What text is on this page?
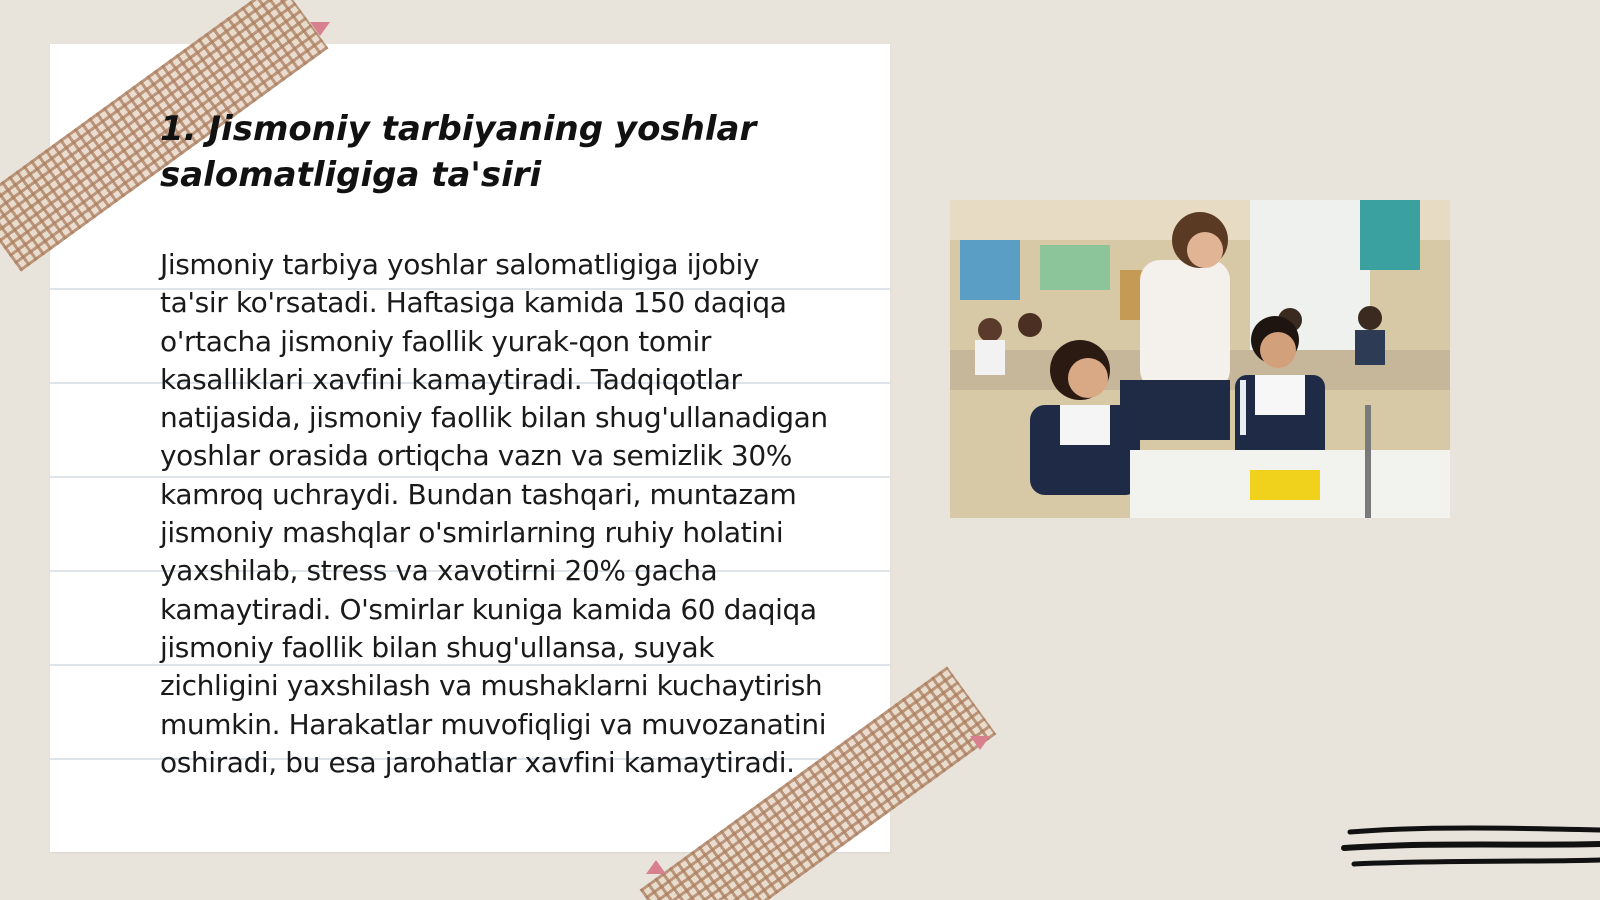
1. Jismoniy tarbiyaning yoshlar salomatligiga ta'siri

Jismoniy tarbiya yoshlar salomatligiga ijobiy ta'sir ko'rsatadi. Haftasiga kamida 150 daqiqa o'rtacha jismoniy faollik yurak-qon tomir kasalliklari xavfini kamaytiradi. Tadqiqotlar natijasida, jismoniy faollik bilan shug'ullanadigan yoshlar orasida ortiqcha vazn va semizlik 30% kamroq uchraydi. Bundan tashqari, muntazam jismoniy mashqlar o'smirlarning ruhiy holatini yaxshilab, stress va xavotirni 20% gacha kamaytiradi. O'smirlar kuniga kamida 60 daqiqa jismoniy faollik bilan shug'ullansa, suyak zichligini yaxshilash va mushaklarni kuchaytirish mumkin. Harakatlar muvofiqligi va muvozanatini oshiradi, bu esa jarohatlar xavfini kamaytiradi.
